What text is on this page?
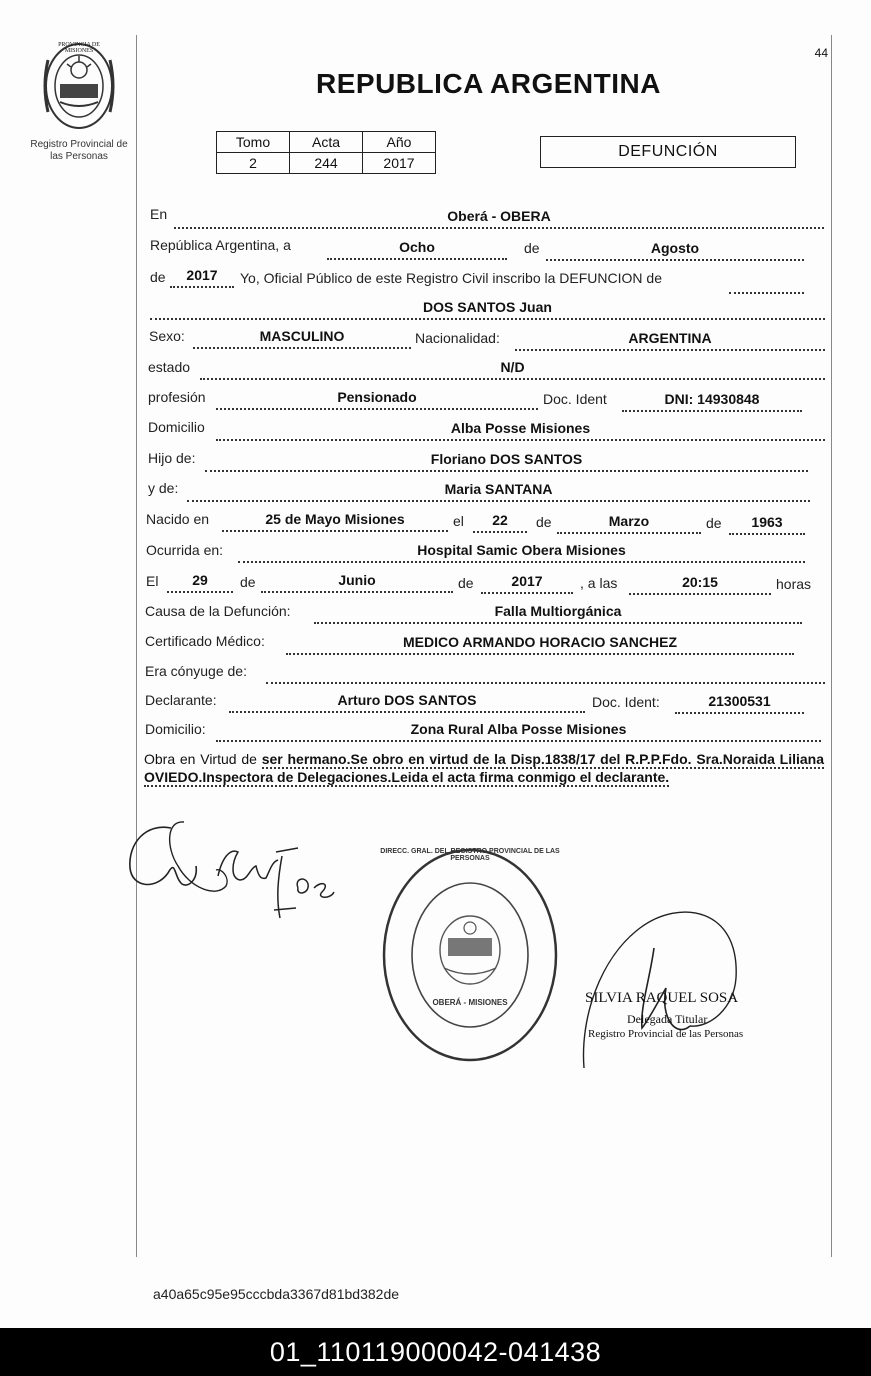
44
PROVINCIA DE MISIONES
Registro Provincial de
las Personas
REPUBLICA ARGENTINA
Tomo	Acta	Año
2	244	2017
DEFUNCIÓN
En	Oberá - OBERA
República Argentina, a	Ocho	de	Agosto
de	2017	Yo, Oficial Público de este Registro Civil inscribo la DEFUNCION de
DOS SANTOS Juan
Sexo:	MASCULINO	Nacionalidad:	ARGENTINA
estado	N/D
profesión	Pensionado	Doc. Ident	DNI: 14930848
Domicilio	Alba Posse Misiones
Hijo de:	Floriano DOS SANTOS
y de:	Maria SANTANA
Nacido en	25 de Mayo Misiones	el	22	de	Marzo	de	1963
Ocurrida en:	Hospital Samic Obera Misiones
El	29	de	Junio	de	2017	, a las	20:15	horas
Causa de la Defunción:	Falla Multiorgánica
Certificado Médico:	MEDICO ARMANDO HORACIO SANCHEZ
Era cónyuge de:
Declarante:	Arturo DOS SANTOS	Doc. Ident:	21300531
Domicilio:	Zona Rural Alba Posse Misiones
Obra en Virtud de ser hermano.Se obro en virtud de la Disp.1838/17 del R.P.P.Fdo. Sra.Noraida Liliana OVIEDO.Inspectora de Delegaciones.Leida el acta firma conmigo el declarante.
DIRECC. GRAL. DEL REGISTRO PROVINCIAL DE LAS PERSONAS
OBERÁ - MISIONES	SILVIA RAQUEL SOSA
Delegada Titular
Registro Provincial de las Personas
a40a65c95e95cccbda3367d81bd382de
01_110119000042-041438
